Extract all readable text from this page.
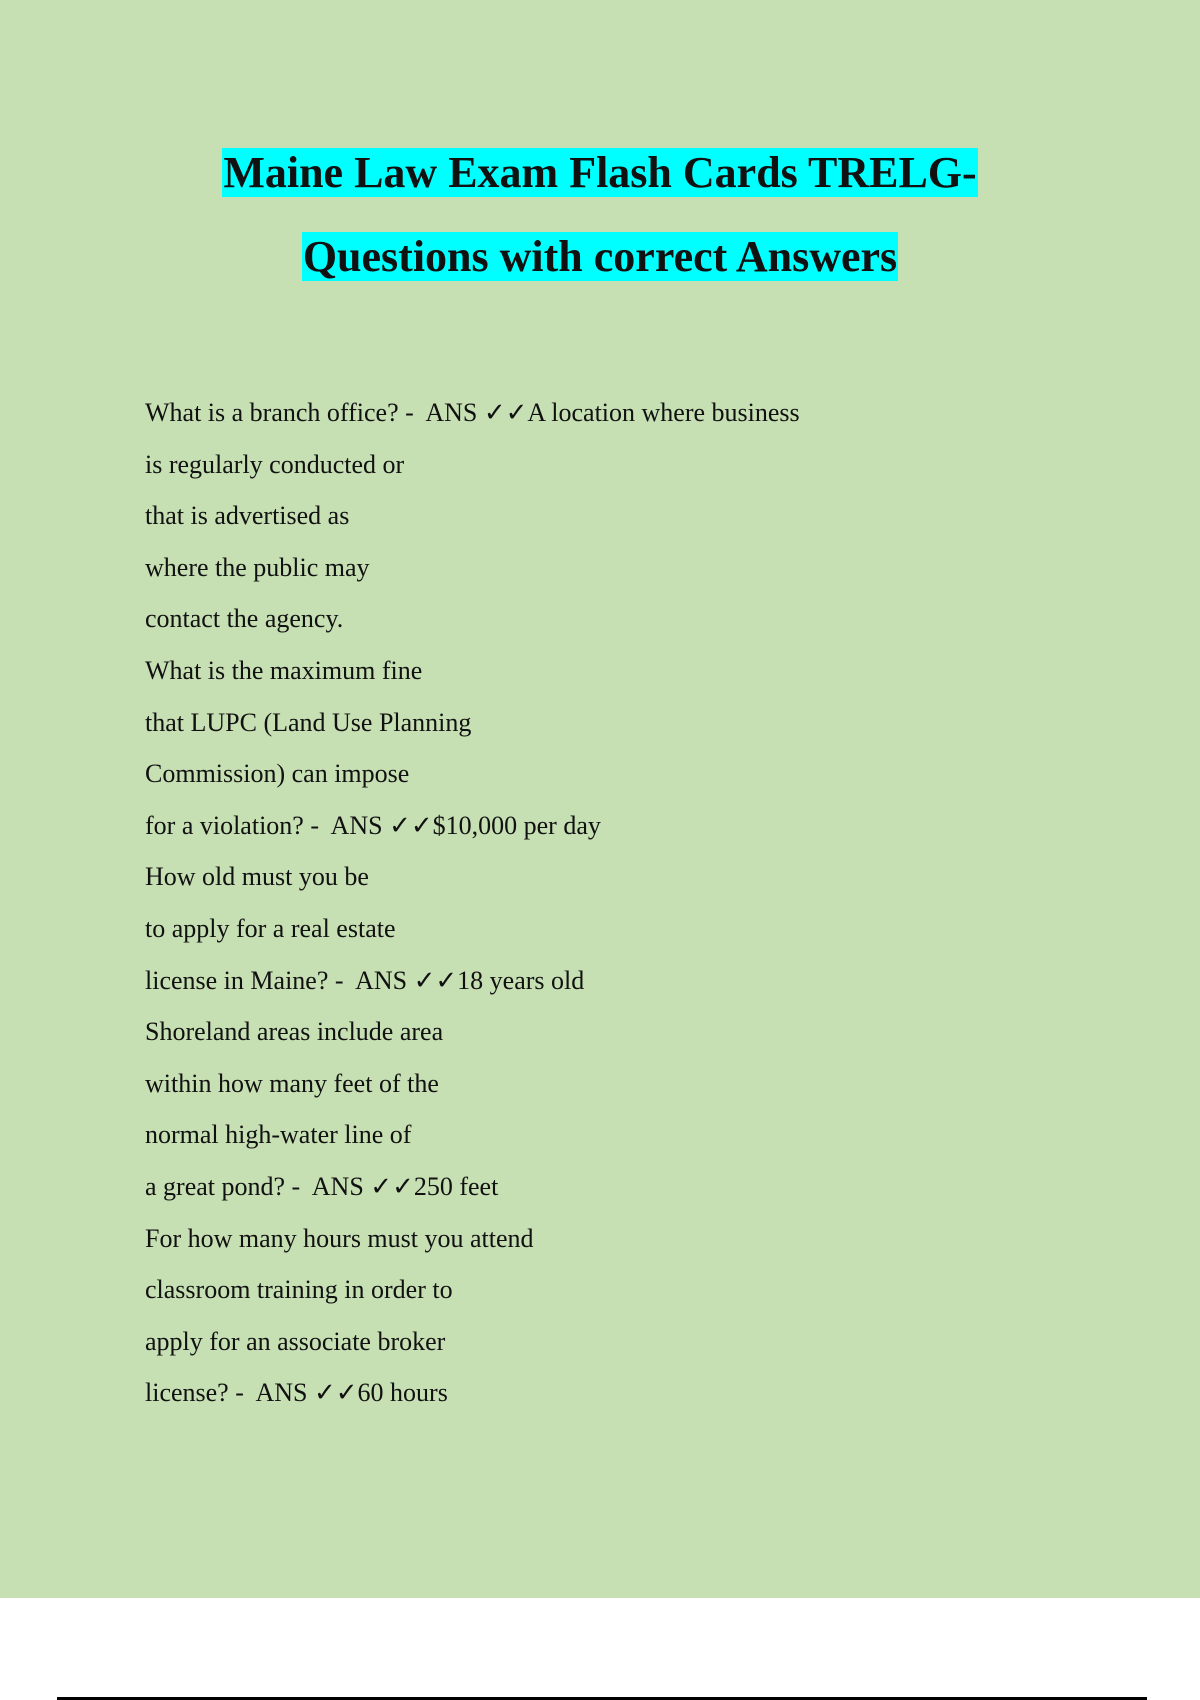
Maine Law Exam Flash Cards TRELG-
Questions with correct Answers
What is a branch office? -  ANS ✓✓A location where business
is regularly conducted or
that is advertised as
where the public may
contact the agency.
What is the maximum fine
that LUPC (Land Use Planning
Commission) can impose
for a violation? -  ANS ✓✓$10,000 per day
How old must you be
to apply for a real estate
license in Maine? -  ANS ✓✓18 years old
Shoreland areas include area
within how many feet of the
normal high-water line of
a great pond? -  ANS ✓✓250 feet
For how many hours must you attend
classroom training in order to
apply for an associate broker
license? -  ANS ✓✓60 hours
